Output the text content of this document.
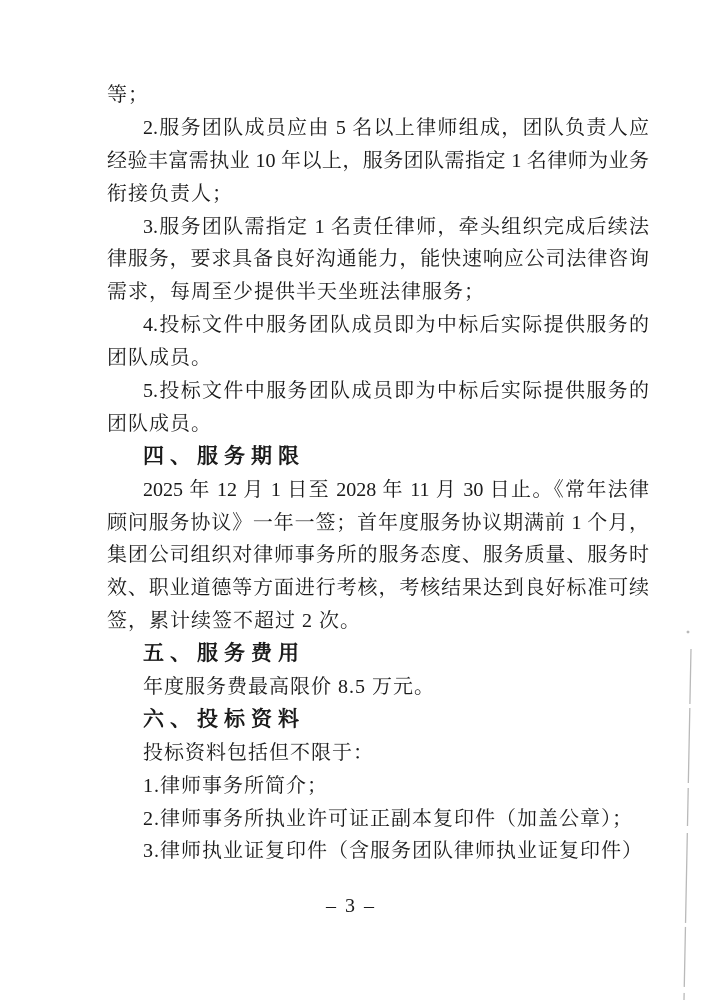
等；
2.服务团队成员应由 5 名以上律师组成，团队负责人应
经验丰富需执业 10 年以上，服务团队需指定 1 名律师为业务
衔接负责人；
3.服务团队需指定 1 名责任律师，牵头组织完成后续法
律服务，要求具备良好沟通能力，能快速响应公司法律咨询
需求，每周至少提供半天坐班法律服务；
4.投标文件中服务团队成员即为中标后实际提供服务的
团队成员。
5.投标文件中服务团队成员即为中标后实际提供服务的
团队成员。
四、服务期限
2025 年 12 月 1 日至 2028 年 11 月 30 日止。《常年法律
顾问服务协议》一年一签；首年度服务协议期满前 1 个月，
集团公司组织对律师事务所的服务态度、服务质量、服务时
效、职业道德等方面进行考核，考核结果达到良好标准可续
签，累计续签不超过 2 次。
五、服务费用
年度服务费最高限价 8.5 万元。
六、投标资料
投标资料包括但不限于：
1.律师事务所简介；
2.律师事务所执业许可证正副本复印件（加盖公章）；
3.律师执业证复印件（含服务团队律师执业证复印件）
– 3 –
